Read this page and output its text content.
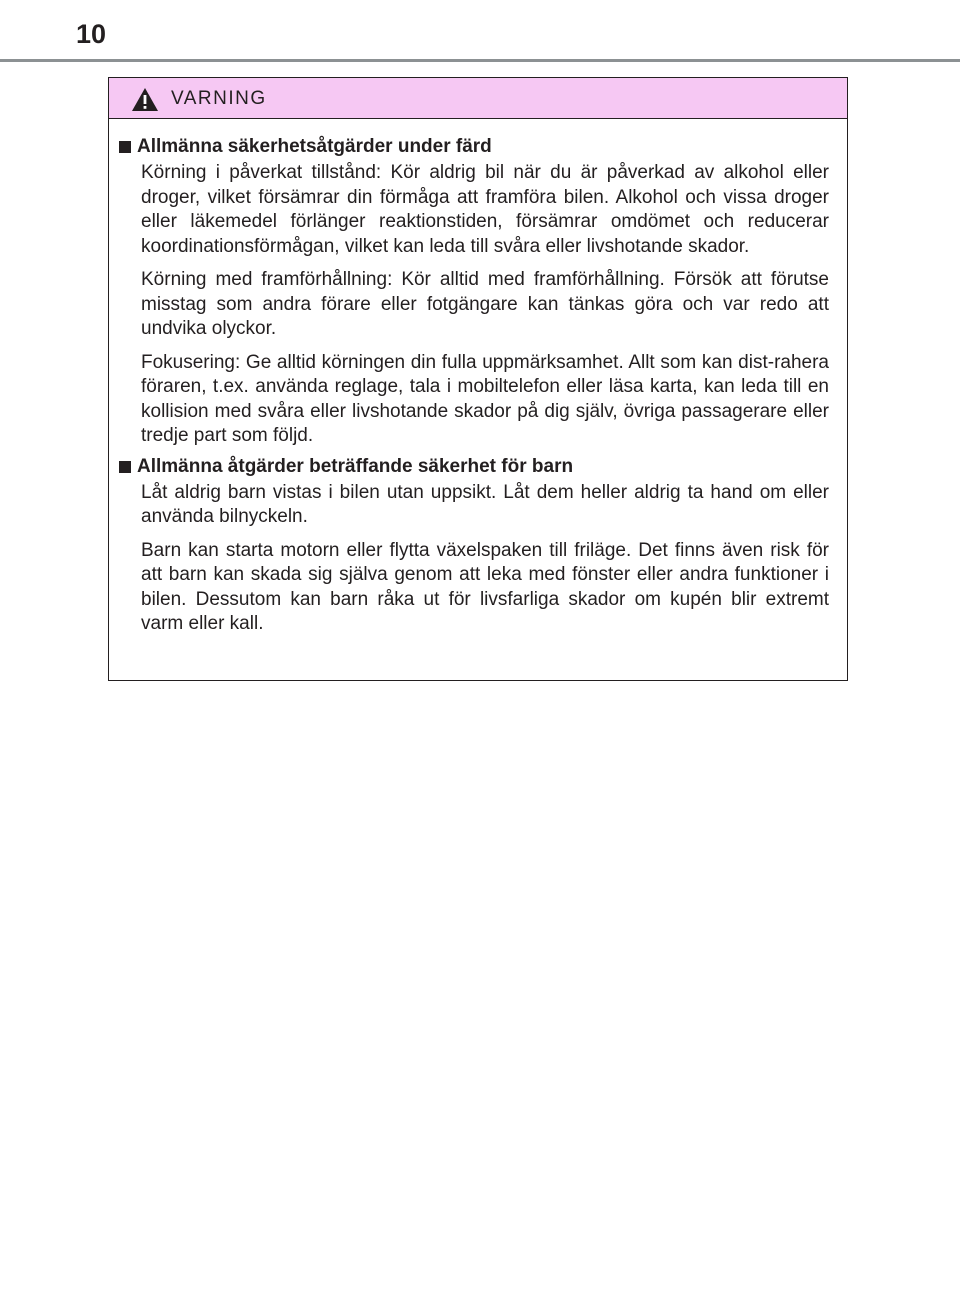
10
VARNING
Allmänna säkerhetsåtgärder under färd

Körning i påverkat tillstånd: Kör aldrig bil när du är påverkad av alkohol eller droger, vilket försämrar din förmåga att framföra bilen. Alkohol och vissa droger eller läkemedel förlänger reaktionstiden, försämrar omdömet och reducerar koordinationsförmågan, vilket kan leda till svåra eller livshotande skador.

Körning med framförhållning: Kör alltid med framförhållning. Försök att förutse misstag som andra förare eller fotgängare kan tänkas göra och var redo att undvika olyckor.

Fokusering: Ge alltid körningen din fulla uppmärksamhet. Allt som kan dist-rahera föraren, t.ex. använda reglage, tala i mobiltelefon eller läsa karta, kan leda till en kollision med svåra eller livshotande skador på dig själv, övriga passagerare eller tredje part som följd.

Allmänna åtgärder beträffande säkerhet för barn

Låt aldrig barn vistas i bilen utan uppsikt. Låt dem heller aldrig ta hand om eller använda bilnyckeln.

Barn kan starta motorn eller flytta växelspaken till friläge. Det finns även risk för att barn kan skada sig själva genom att leka med fönster eller andra funktioner i bilen. Dessutom kan barn råka ut för livsfarliga skador om kupén blir extremt varm eller kall.
